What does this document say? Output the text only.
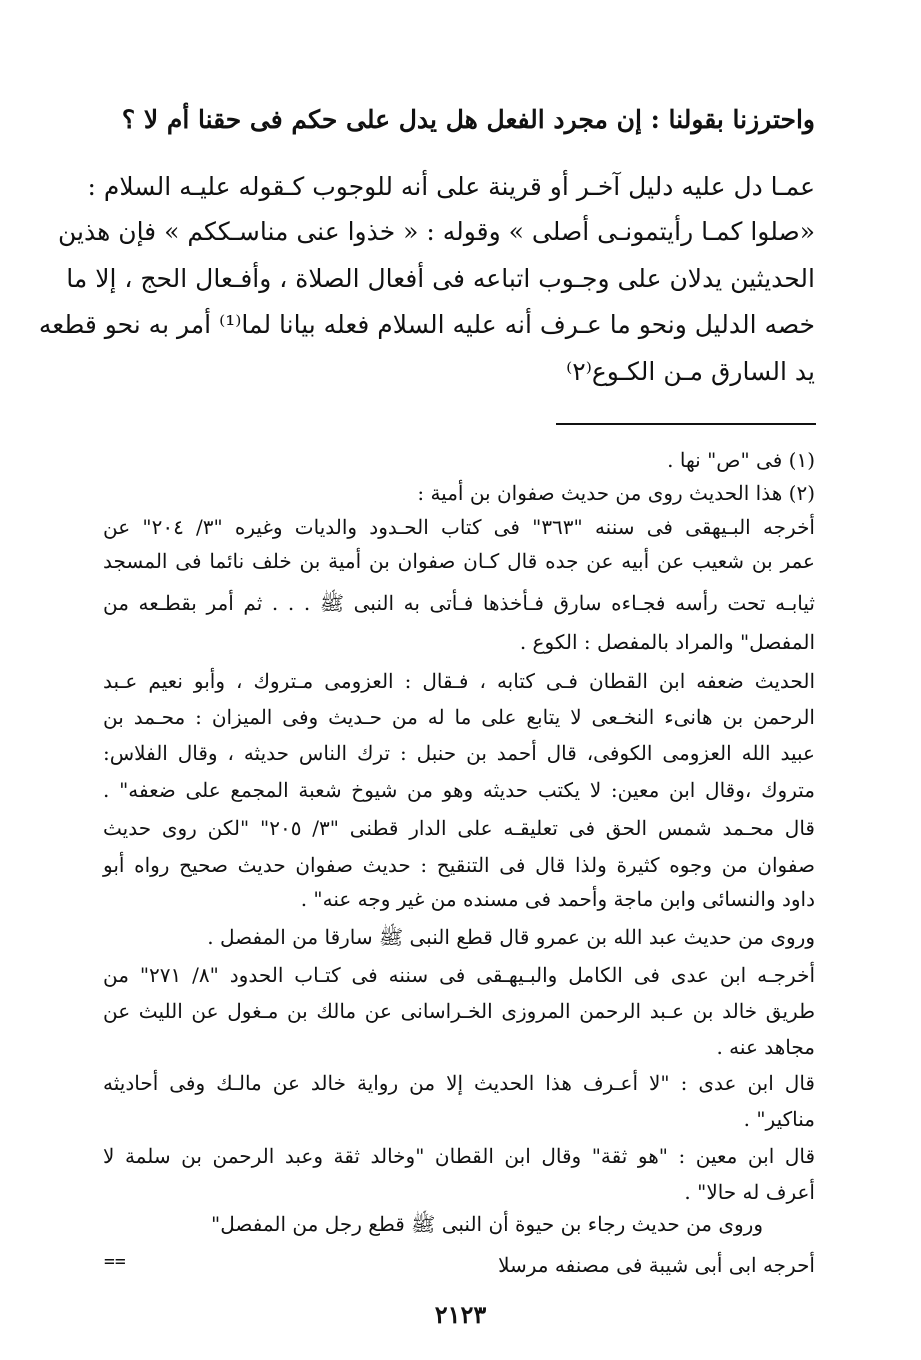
واحترزنا بقولنا : إن مجرد الفعل هل يدل على حكم فى حقنا أم لا ؟
عمـا دل عليه دليل آخـر أو قرينة على أنه للوجوب كـقوله عليـه السلام :
«صلوا كمـا رأيتمونـى أصلى » وقوله : « خذوا عنى مناسـككم » فإن هذين
الحديثين يدلان على وجـوب اتباعه فى أفعال الصلاة ، وأفـعال الحج ، إلا ما
خصه الدليل ونحو ما عـرف أنه عليه السلام فعله بيانا لما⁽¹⁾ أمر به نحو قطعه
يد السارق مـن الكـوع⁽٢⁾
(١) فى "ص" نها .
(٢) هذا الحديث روى من حديث صفوان بن أمية :
أخرجه البـيهقى فى سننه "٣٦٣" فى كتاب الحـدود والديات وغيره "٣/ ٢٠٤" عن
عمر بن شعيب عن أبيه عن جده قال كـان صفوان بن أمية بن خلف نائما فى المسجد
ثيابـه تحت رأسه فجـاءه سارق فـأخذها فـأتى به النبى ﷺ . . . ثم أمر بقطـعه من
المفصل" والمراد بالمفصل : الكوع .
الحديث ضعفه ابن القطان فـى كتابه ، فـقال : العزومى مـتروك ، وأبو نعيم عـبد
الرحمن بن هانىء النخـعى لا يتابع على ما له من حـديث وفى الميزان : محـمد بن
عبيد الله العزومى الكوفى، قال أحمد بن حنبل : ترك الناس حديثه ، وقال الفلاس:
متروك ،وقال ابن معين: لا يكتب حديثه وهو من شيوخ شعبة المجمع على ضعفه" .
قال محـمد شمس الحق فى تعليقـه على الدار قطنى "٣/ ٢٠٥" "لكن روى حديث
صفوان من وجوه كثيرة ولذا قال فى التنقيح : حديث صفوان حديث صحيح رواه أبو
داود والنسائى وابن ماجة وأحمد فى مسنده من غير وجه عنه" .
وروى من حديث عبد الله بن عمرو قال قطع النبى ﷺ سارقا من المفصل .
أخرجـه ابن عدى فى الكامل والبـيهـقى فى سننه فى كتـاب الحدود "٨/ ٢٧١" من
طريق خالد بن عـبد الرحمن المروزى الخـراسانى عن مالك بن مـغول عن الليث عن
مجاهد عنه .
قال ابن عدى : "لا أعـرف هذا الحديث إلا من رواية خالد عن مالـك وفى أحاديثه
مناكير" .
قال ابن معين : "هو ثقة" وقال ابن القطان "وخالد ثقة وعبد الرحمن بن سلمة لا
أعرف له حالا" .
وروى من حديث رجاء بن حيوة أن النبى ﷺ قطع رجل من المفصل"
أحرجه ابى أبى شيبة فى مصنفه مرسلا
==
٢١٢٣
